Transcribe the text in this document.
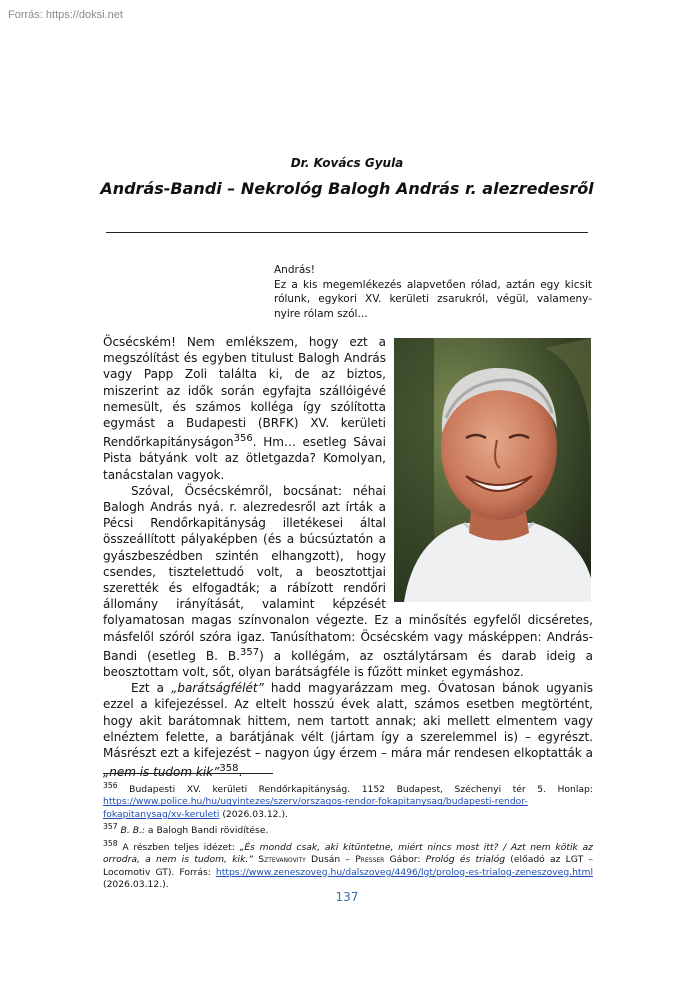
Forrás: https://doksi.net
Dr. Kovács Gyula
András-Bandi – Nekrológ Balogh András r. alezredesről

András!

Ez a kis megemlékezés alapvetően rólad, aztán egy kicsit rólunk, egykori XV. kerületi zsarukról, végül, valameny- nyire rólam szól…

Öcsécském! Nem emlékszem, hogy ezt a megszólítást és egyben titulust Balogh András vagy Papp Zoli találta ki, de az biztos, miszerint az idők során egyfajta szállóigévé nemesült, és számos kolléga így szólította egymást a Budapesti (BRFK) XV. kerületi Rendőrkapitányságon$^{356}$. Hm… esetleg Sávai Pista bátyánk volt az ötletgazda? Komolyan, tanácstalan vagyok.

Szóval, Öcsécskémről, bocsánat: néhai Balogh András nyá. r. alezredesről azt írták a Pécsi Rendőrkapitányság illetékesei által összeállított pályaképben (és a búcsúztatón a gyászbeszédben szintén elhangzott), hogy csendes, tisztelettudó volt, a beosztottjai szerették és elfogadták; a rábízott rendőri állomány irányítását, valamint képzését folyamatosan magas színvonalon végezte. Ez a minősítés egyfelől dicséretes, másfelől szóról szóra igaz. Tanúsíthatom: Öcsécském vagy másképpen: András-Bandi (esetleg B. B.$^{357}$) a kollégám, az osztálytársam és darab ideig a beosztottam volt, sőt, olyan barátságféle is fűzött minket egymáshoz.

Ezt a „barátságfélét” hadd magyarázzam meg. Óvatosan bánok ugyanis ezzel a kifejezéssel. Az eltelt hosszú évek alatt, számos esetben megtörtént, hogy akit barátomnak hittem, nem tartott annak; aki mellett elmentem vagy elnéztem felette, a barátjának vélt (jártam így a szerelemmel is) – egyrészt. Másrészt ezt a kifejezést – nagyon úgy érzem – mára már rendesen elkoptatták a „nem is tudom kik”$^{358}$.

$^{356}$ Budapesti XV. kerületi Rendőrkapitányság. 1152 Budapest, Széchenyi tér 5. Honlap: https://www.police.hu/hu/ugyintezes/szerv/orszagos-rendor-fokapitanysag/budapesti-rendor-fokapitanysag/xv-keruleti (2026.03.12.).

$^{357}$ B. B.: a Balogh Bandi rövidítése.

$^{358}$ A részben teljes idézet: „És mondd csak, aki kitüntetne, miért nincs most itt? / Azt nem kötik az orrodra, a nem is tudom, kik.” Sztevanovity Dusán – Presser Gábor: Prológ és trialóg (előadó az LGT – Locomotiv GT). Forrás: https://www.zeneszoveg.hu/dalszoveg/4496/lgt/prolog-es-trialog-zeneszoveg.html (2026.03.12.).

137
